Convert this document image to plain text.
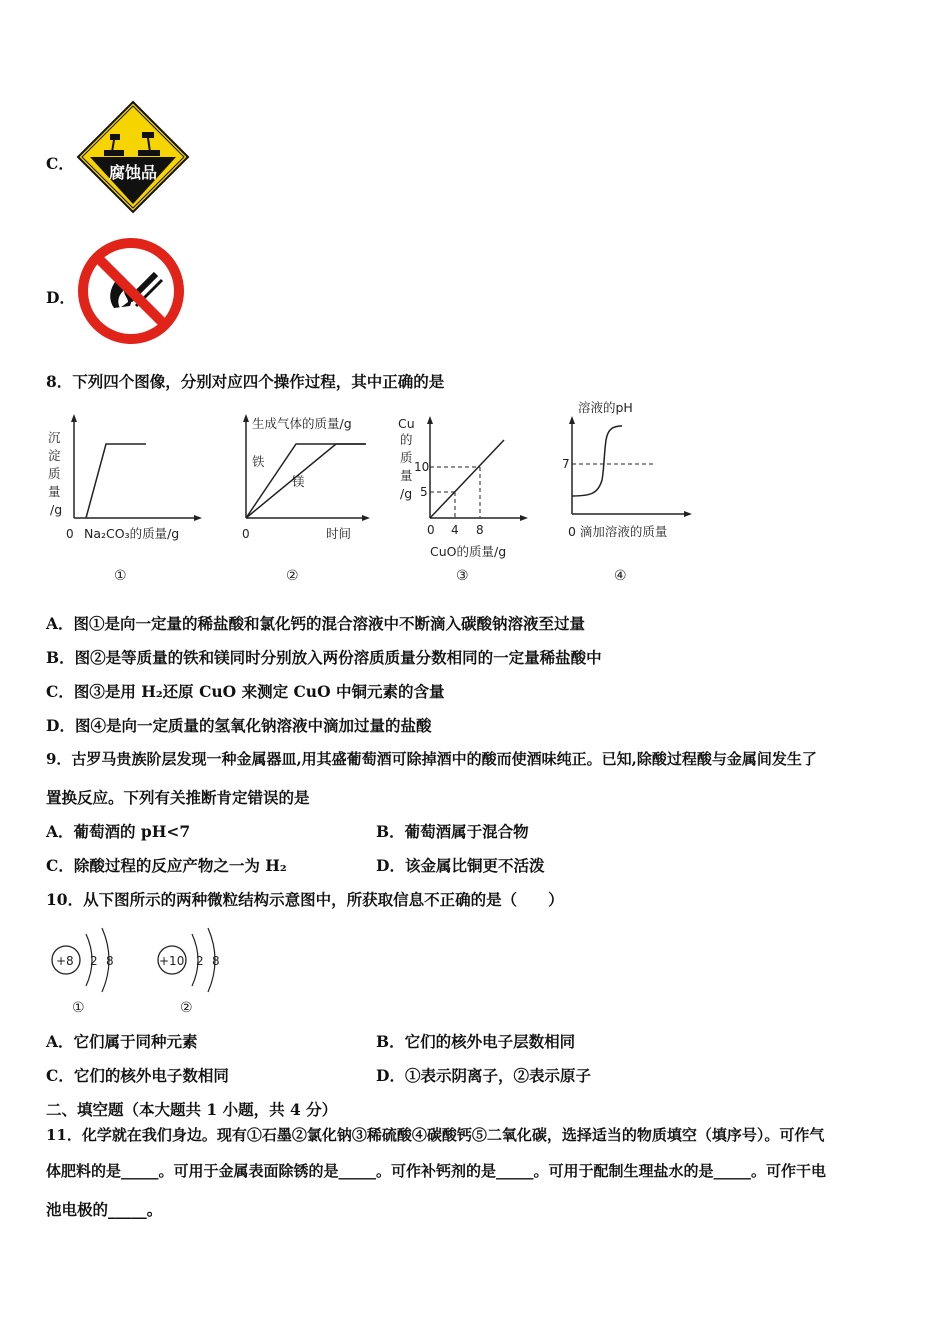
C． 腐蚀品
D．
8．下列四个图像，分别对应四个操作过程，其中正确的是
沉
淀
质
量
/g
0 Na₂CO₃的质量/g
①
生成气体的质量/g
铁
镁
0	时间
②
Cu
的
质
量
/g
10
5
0 4 8
CuO的质量/g
③
溶液的pH
7
0 滴加溶液的质量
④
A．图①是向一定量的稀盐酸和氯化钙的混合溶液中不断滴入碳酸钠溶液至过量
B．图②是等质量的铁和镁同时分别放入两份溶质质量分数相同的一定量稀盐酸中
C．图③是用 H₂还原 CuO 来测定 CuO 中铜元素的含量
D．图④是向一定质量的氢氧化钠溶液中滴加过量的盐酸
9．古罗马贵族阶层发现一种金属器皿,用其盛葡萄酒可除掉酒中的酸而使酒味纯正。已知,除酸过程酸与金属间发生了
置换反应。下列有关推断肯定错误的是
A．葡萄酒的 pH<7	B．葡萄酒属于混合物
C．除酸过程的反应产物之一为 H₂	D．该金属比铜更不活泼
10．从下图所示的两种微粒结构示意图中，所获取信息不正确的是（　　）
+8 2 8
①
+10 2 8
②
A．它们属于同种元素	B．它们的核外电子层数相同
C．它们的核外电子数相同	D．①表示阴离子，②表示原子
二、填空题（本大题共 1 小题，共 4 分）
11．化学就在我们身边。现有①石墨②氯化钠③稀硫酸④碳酸钙⑤二氧化碳，选择适当的物质填空（填序号）。可作气
体肥料的是_____。可用于金属表面除锈的是_____。可作补钙剂的是_____。可用于配制生理盐水的是_____。可作干电
池电极的_____。
